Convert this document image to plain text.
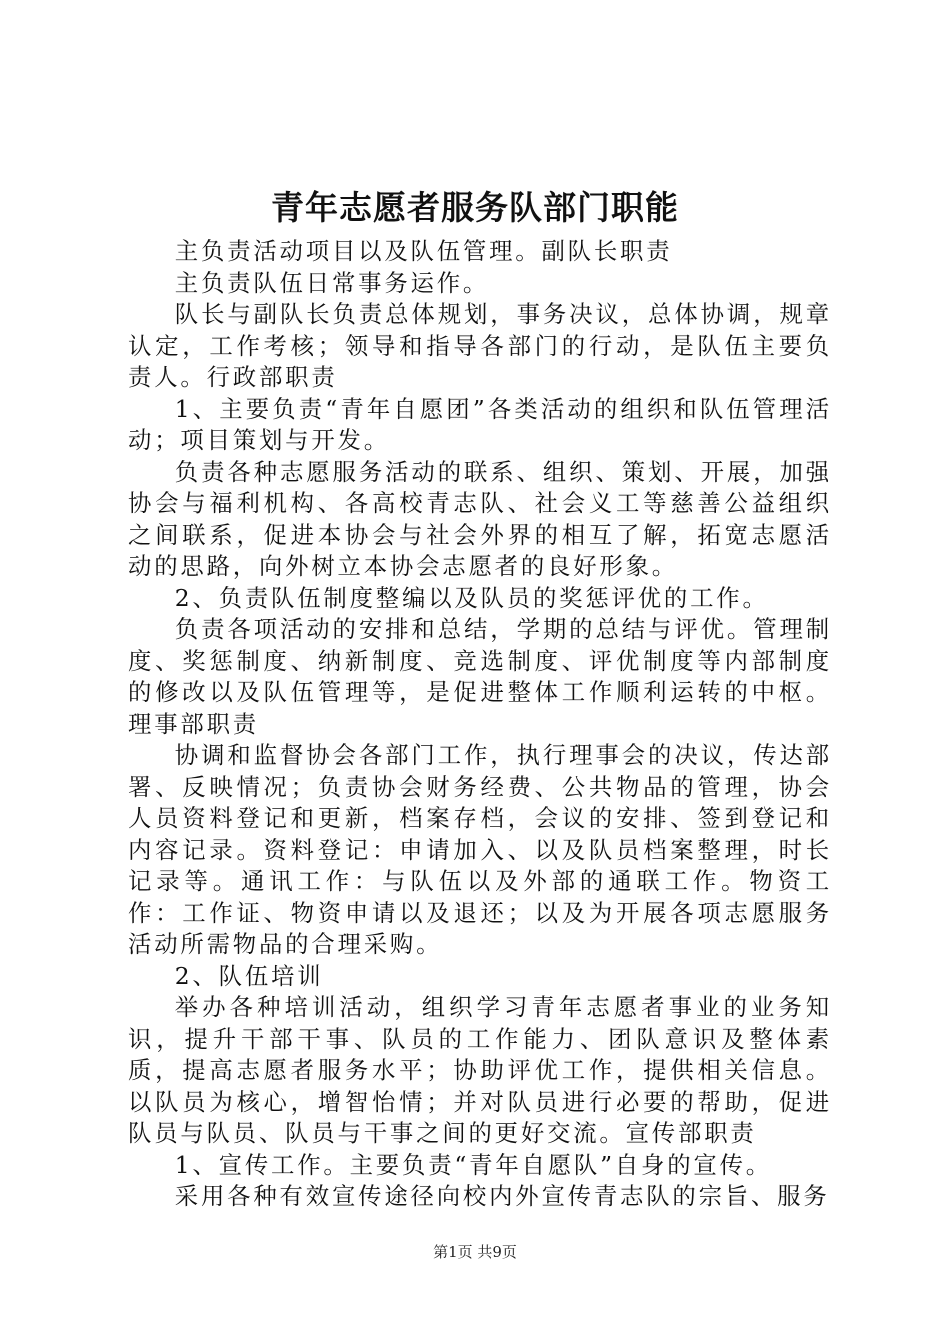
青年志愿者服务队部门职能

主负责活动项目以及队伍管理。副队长职责

主负责队伍日常事务运作。

队长与副队长负责总体规划，事务决议，总体协调，规章认定，工作考核；领导和指导各部门的行动，是队伍主要负责人。行政部职责

1、主要负责“青年自愿团”各类活动的组织和队伍管理活动；项目策划与开发。

负责各种志愿服务活动的联系、组织、策划、开展，加强协会与福利机构、各高校青志队、社会义工等慈善公益组织之间联系，促进本协会与社会外界的相互了解，拓宽志愿活动的思路，向外树立本协会志愿者的良好形象。

2、负责队伍制度整编以及队员的奖惩评优的工作。

负责各项活动的安排和总结，学期的总结与评优。管理制度、奖惩制度、纳新制度、竞选制度、评优制度等内部制度的修改以及队伍管理等，是促进整体工作顺利运转的中枢。理事部职责

协调和监督协会各部门工作，执行理事会的决议，传达部署、反映情况；负责协会财务经费、公共物品的管理，协会人员资料登记和更新，档案存档，会议的安排、签到登记和内容记录。资料登记：申请加入、以及队员档案整理，时长记录等。通讯工作：与队伍以及外部的通联工作。物资工作：工作证、物资申请以及退还；以及为开展各项志愿服务活动所需物品的合理采购。

2、队伍培训

举办各种培训活动，组织学习青年志愿者事业的业务知识，提升干部干事、队员的工作能力、团队意识及整体素质，提高志愿者服务水平；协助评优工作，提供相关信息。以队员为核心，增智怡情；并对队员进行必要的帮助，促进队员与队员、队员与干事之间的更好交流。宣传部职责

1、宣传工作。主要负责“青年自愿队”自身的宣传。

采用各种有效宣传途径向校内外宣传青志队的宗旨、服务

第1页 共9页
